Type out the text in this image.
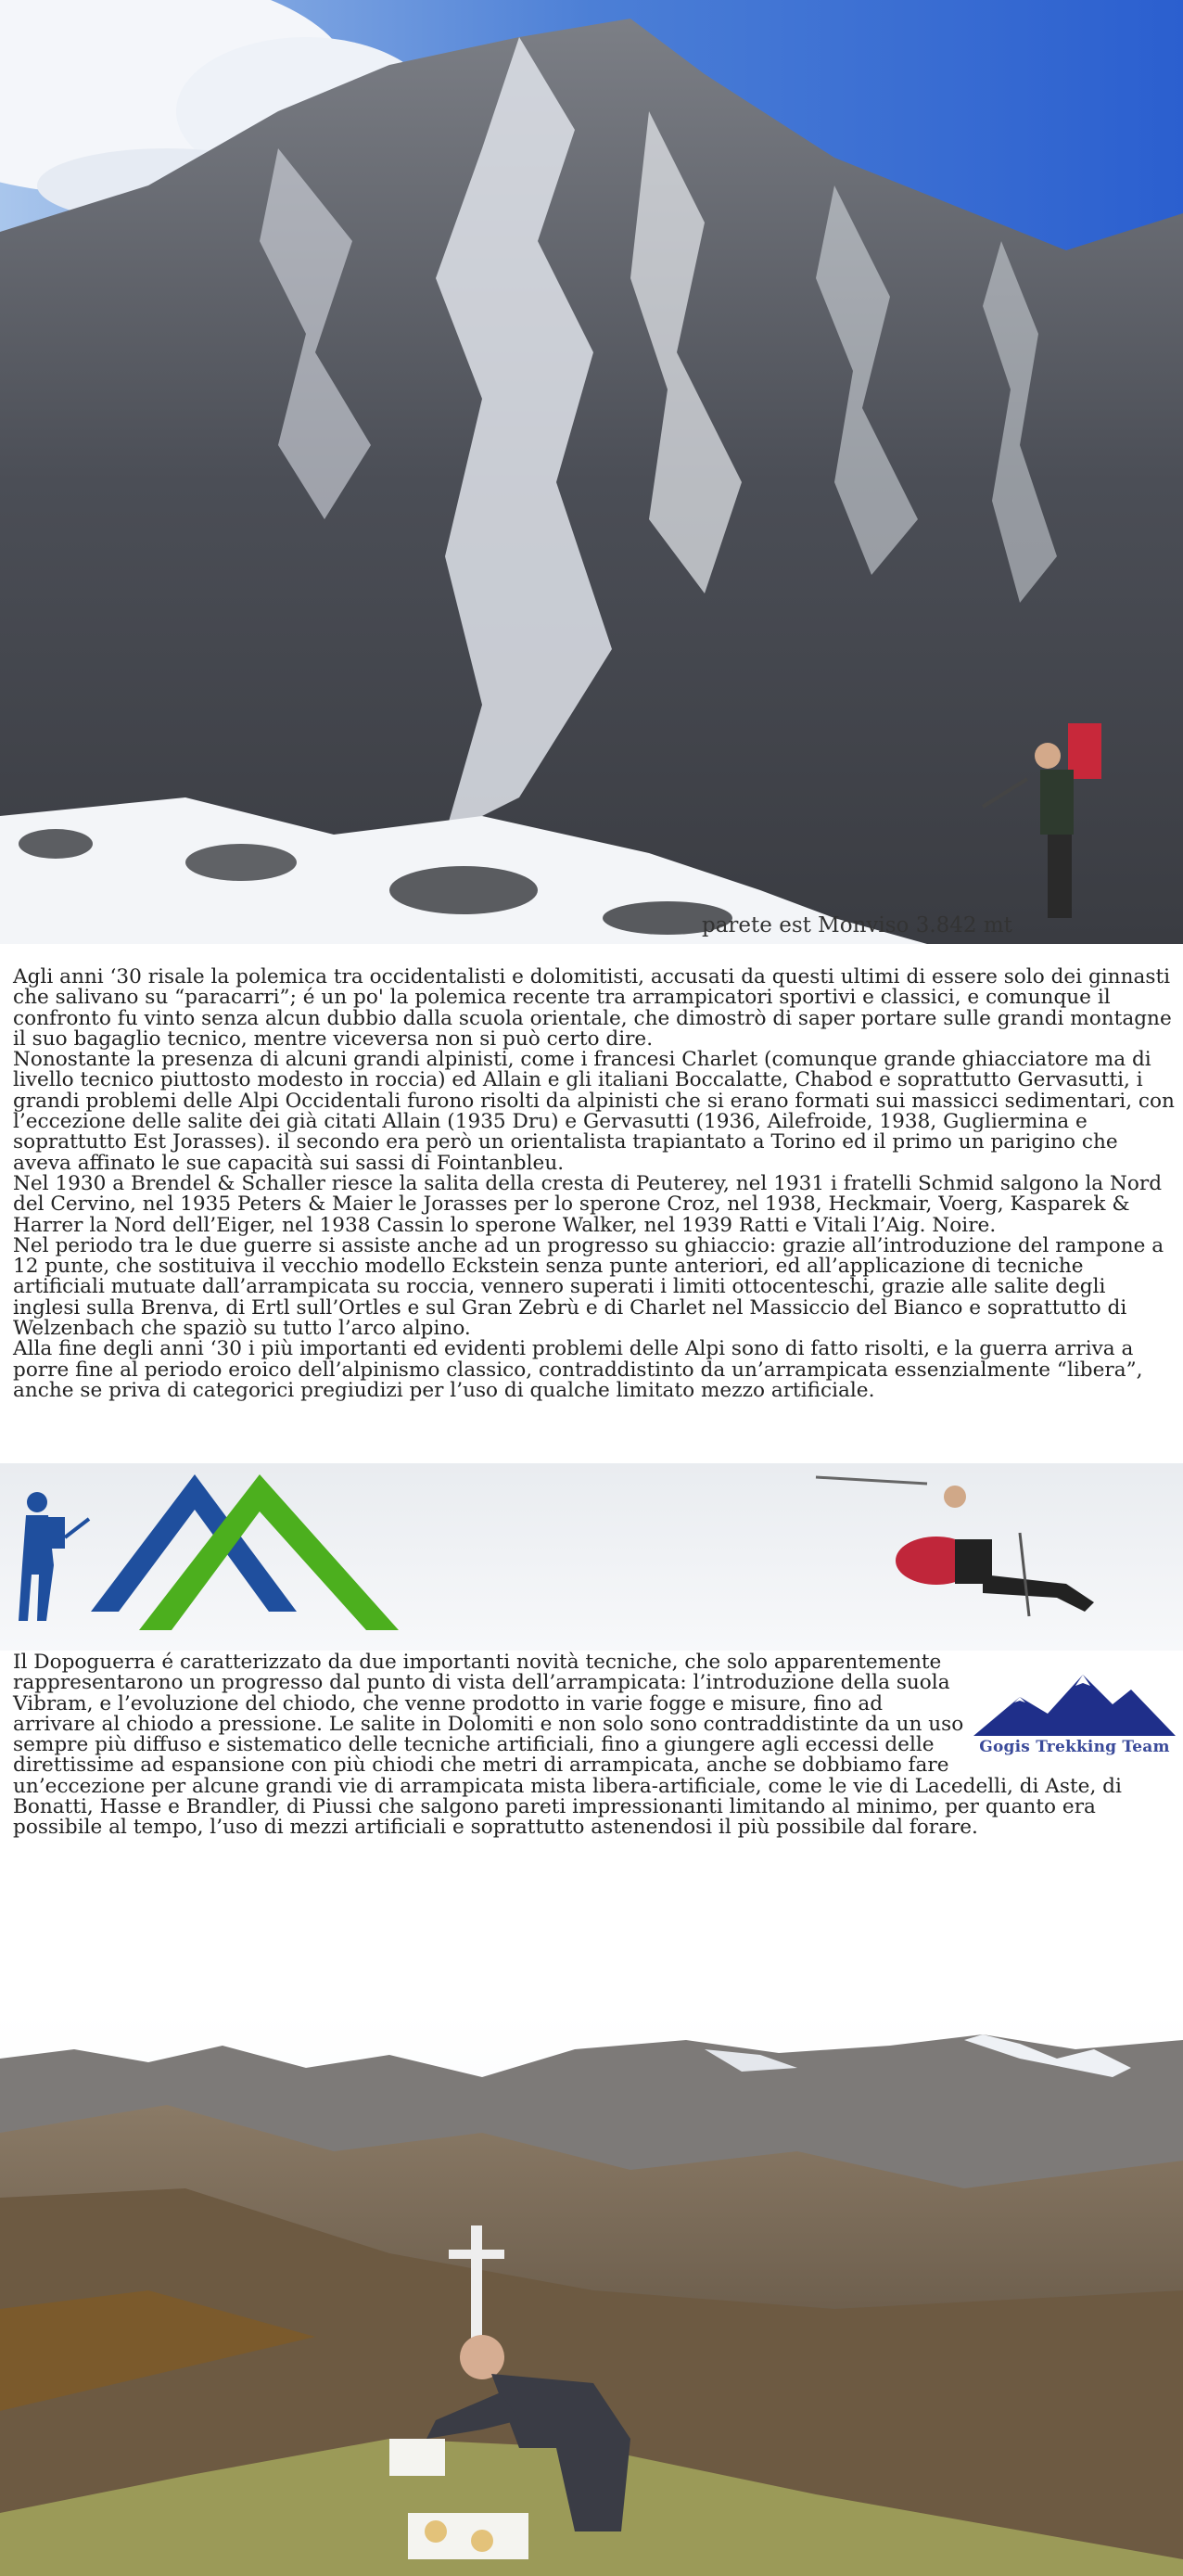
parete est Monviso 3.842 mt

Agli anni ‘30 risale la polemica tra occidentalisti e dolomitisti, accusati da questi ultimi di essere solo dei ginnasti che salivano su “paracarri”; é un po' la polemica recente tra arrampicatori sportivi e classici, e comunque il confronto fu vinto senza alcun dubbio dalla scuola orientale, che dimostrò di saper portare sulle grandi montagne il suo bagaglio tecnico, mentre viceversa non si può certo dire.

Nonostante la presenza di alcuni grandi alpinisti, come i francesi Charlet (comunque grande ghiacciatore ma di livello tecnico piuttosto modesto in roccia) ed Allain e gli italiani Boccalatte, Chabod e soprattutto Gervasutti, i grandi problemi delle Alpi Occidentali furono risolti da alpinisti che si erano formati sui massicci sedimentari, con l’eccezione delle salite dei già citati Allain (1935 Dru) e Gervasutti (1936, Ailefroide, 1938, Gugliermina e soprattutto Est Jorasses). il secondo era però un orientalista trapiantato a Torino ed il primo un parigino che aveva affinato le sue capacità sui sassi di Fointanbleu.

Nel 1930 a Brendel & Schaller riesce la salita della cresta di Peuterey, nel 1931 i fratelli Schmid salgono la Nord del Cervino, nel 1935 Peters & Maier le Jorasses per lo sperone Croz, nel 1938, Heckmair, Voerg, Kasparek & Harrer la Nord dell’Eiger, nel 1938 Cassin lo sperone Walker, nel 1939 Ratti e Vitali l’Aig. Noire.

Nel periodo tra le due guerre si assiste anche ad un progresso su ghiaccio: grazie all’introduzione del rampone a 12 punte, che sostituiva il vecchio modello Eckstein senza punte anteriori, ed all’applicazione di tecniche artificiali mutuate dall’arrampicata su roccia, vennero superati i limiti ottocenteschi, grazie alle salite degli inglesi sulla Brenva, di Ertl sull’Ortles e sul Gran Zebrù e di Charlet nel Massiccio del Bianco e soprattutto di Welzenbach che spaziò su tutto l’arco alpino.

Alla fine degli anni ‘30 i più importanti ed evidenti problemi delle Alpi sono di fatto risolti, e la guerra arriva a porre fine al periodo eroico dell’alpinismo classico, contraddistinto da un’arrampicata essenzialmente “libera”, anche se priva di categorici pregiudizi per l’uso di qualche limitato mezzo artificiale.

Il Dopoguerra é caratterizzato da due importanti novità tecniche, che solo apparentemente rappresentarono un progresso dal punto di vista dell’arrampicata: l’introduzione della suola Vibram, e l’evoluzione del chiodo, che venne prodotto in varie fogge e misure, fino ad arrivare al chiodo a pressione. Le salite in Dolomiti e non solo sono contraddistinte da un uso sempre più diffuso e sistematico delle tecniche artificiali, fino a giungere agli eccessi delle direttissime ad espansione con più chiodi che metri di arrampicata, anche se dobbiamo fare un’eccezione per alcune grandi vie di arrampicata mista libera-artificiale, come le vie di Lacedelli, di Aste, di Bonatti, Hasse e Brandler, di Piussi che salgono pareti impressionanti limitando al minimo, per quanto era possibile al tempo, l’uso di mezzi artificiali e soprattutto astenendosi il più possibile dal forare.

Gogis Trekking Team
